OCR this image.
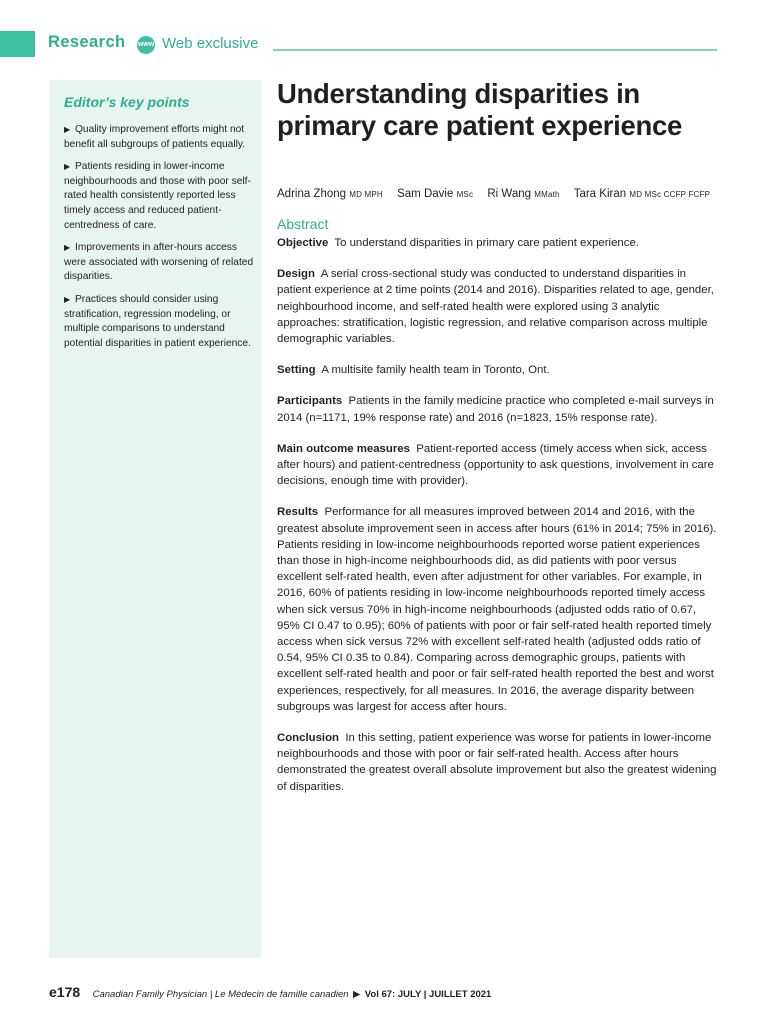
Research www Web exclusive
Editor’s key points
▶ Quality improvement efforts might not benefit all subgroups of patients equally.
▶ Patients residing in lower-income neighbourhoods and those with poor self-rated health consistently reported less timely access and reduced patient-centredness of care.
▶ Improvements in after-hours access were associated with worsening of related disparities.
▶ Practices should consider using stratification, regression modeling, or multiple comparisons to understand potential disparities in patient experience.
Understanding disparities in primary care patient experience
Adrina Zhong MD MPH Sam Davie MSc Ri Wang MMath Tara Kiran MD MSc CCFP FCFP
Abstract

Objective To understand disparities in primary care patient experience.

Design A serial cross-sectional study was conducted to understand disparities in patient experience at 2 time points (2014 and 2016). Disparities related to age, gender, neighbourhood income, and self-rated health were explored using 3 analytic approaches: stratification, logistic regression, and relative comparison across multiple demographic variables.

Setting A multisite family health team in Toronto, Ont.

Participants Patients in the family medicine practice who completed e-mail surveys in 2014 (n=1171, 19% response rate) and 2016 (n=1823, 15% response rate).

Main outcome measures Patient-reported access (timely access when sick, access after hours) and patient-centredness (opportunity to ask questions, involvement in care decisions, enough time with provider).

Results Performance for all measures improved between 2014 and 2016, with the greatest absolute improvement seen in access after hours (61% in 2014; 75% in 2016). Patients residing in low-income neighbourhoods reported worse patient experiences than those in high-income neighbourhoods did, as did patients with poor versus excellent self-rated health, even after adjustment for other variables. For example, in 2016, 60% of patients residing in low-income neighbourhoods reported timely access when sick versus 70% in high-income neighbourhoods (adjusted odds ratio of 0.67, 95% CI 0.47 to 0.95); 60% of patients with poor or fair self-rated health reported timely access when sick versus 72% with excellent self-rated health (adjusted odds ratio of 0.54, 95% CI 0.35 to 0.84). Comparing across demographic groups, patients with excellent self-rated health and poor or fair self-rated health reported the best and worst experiences, respectively, for all measures. In 2016, the average disparity between subgroups was largest for access after hours.

Conclusion In this setting, patient experience was worse for patients in lower-income neighbourhoods and those with poor or fair self-rated health. Access after hours demonstrated the greatest overall absolute improvement but also the greatest widening of disparities.

e178 Canadian Family Physician | Le Médecin de famille canadien ▶ Vol 67: JULY | JUILLET 2021
